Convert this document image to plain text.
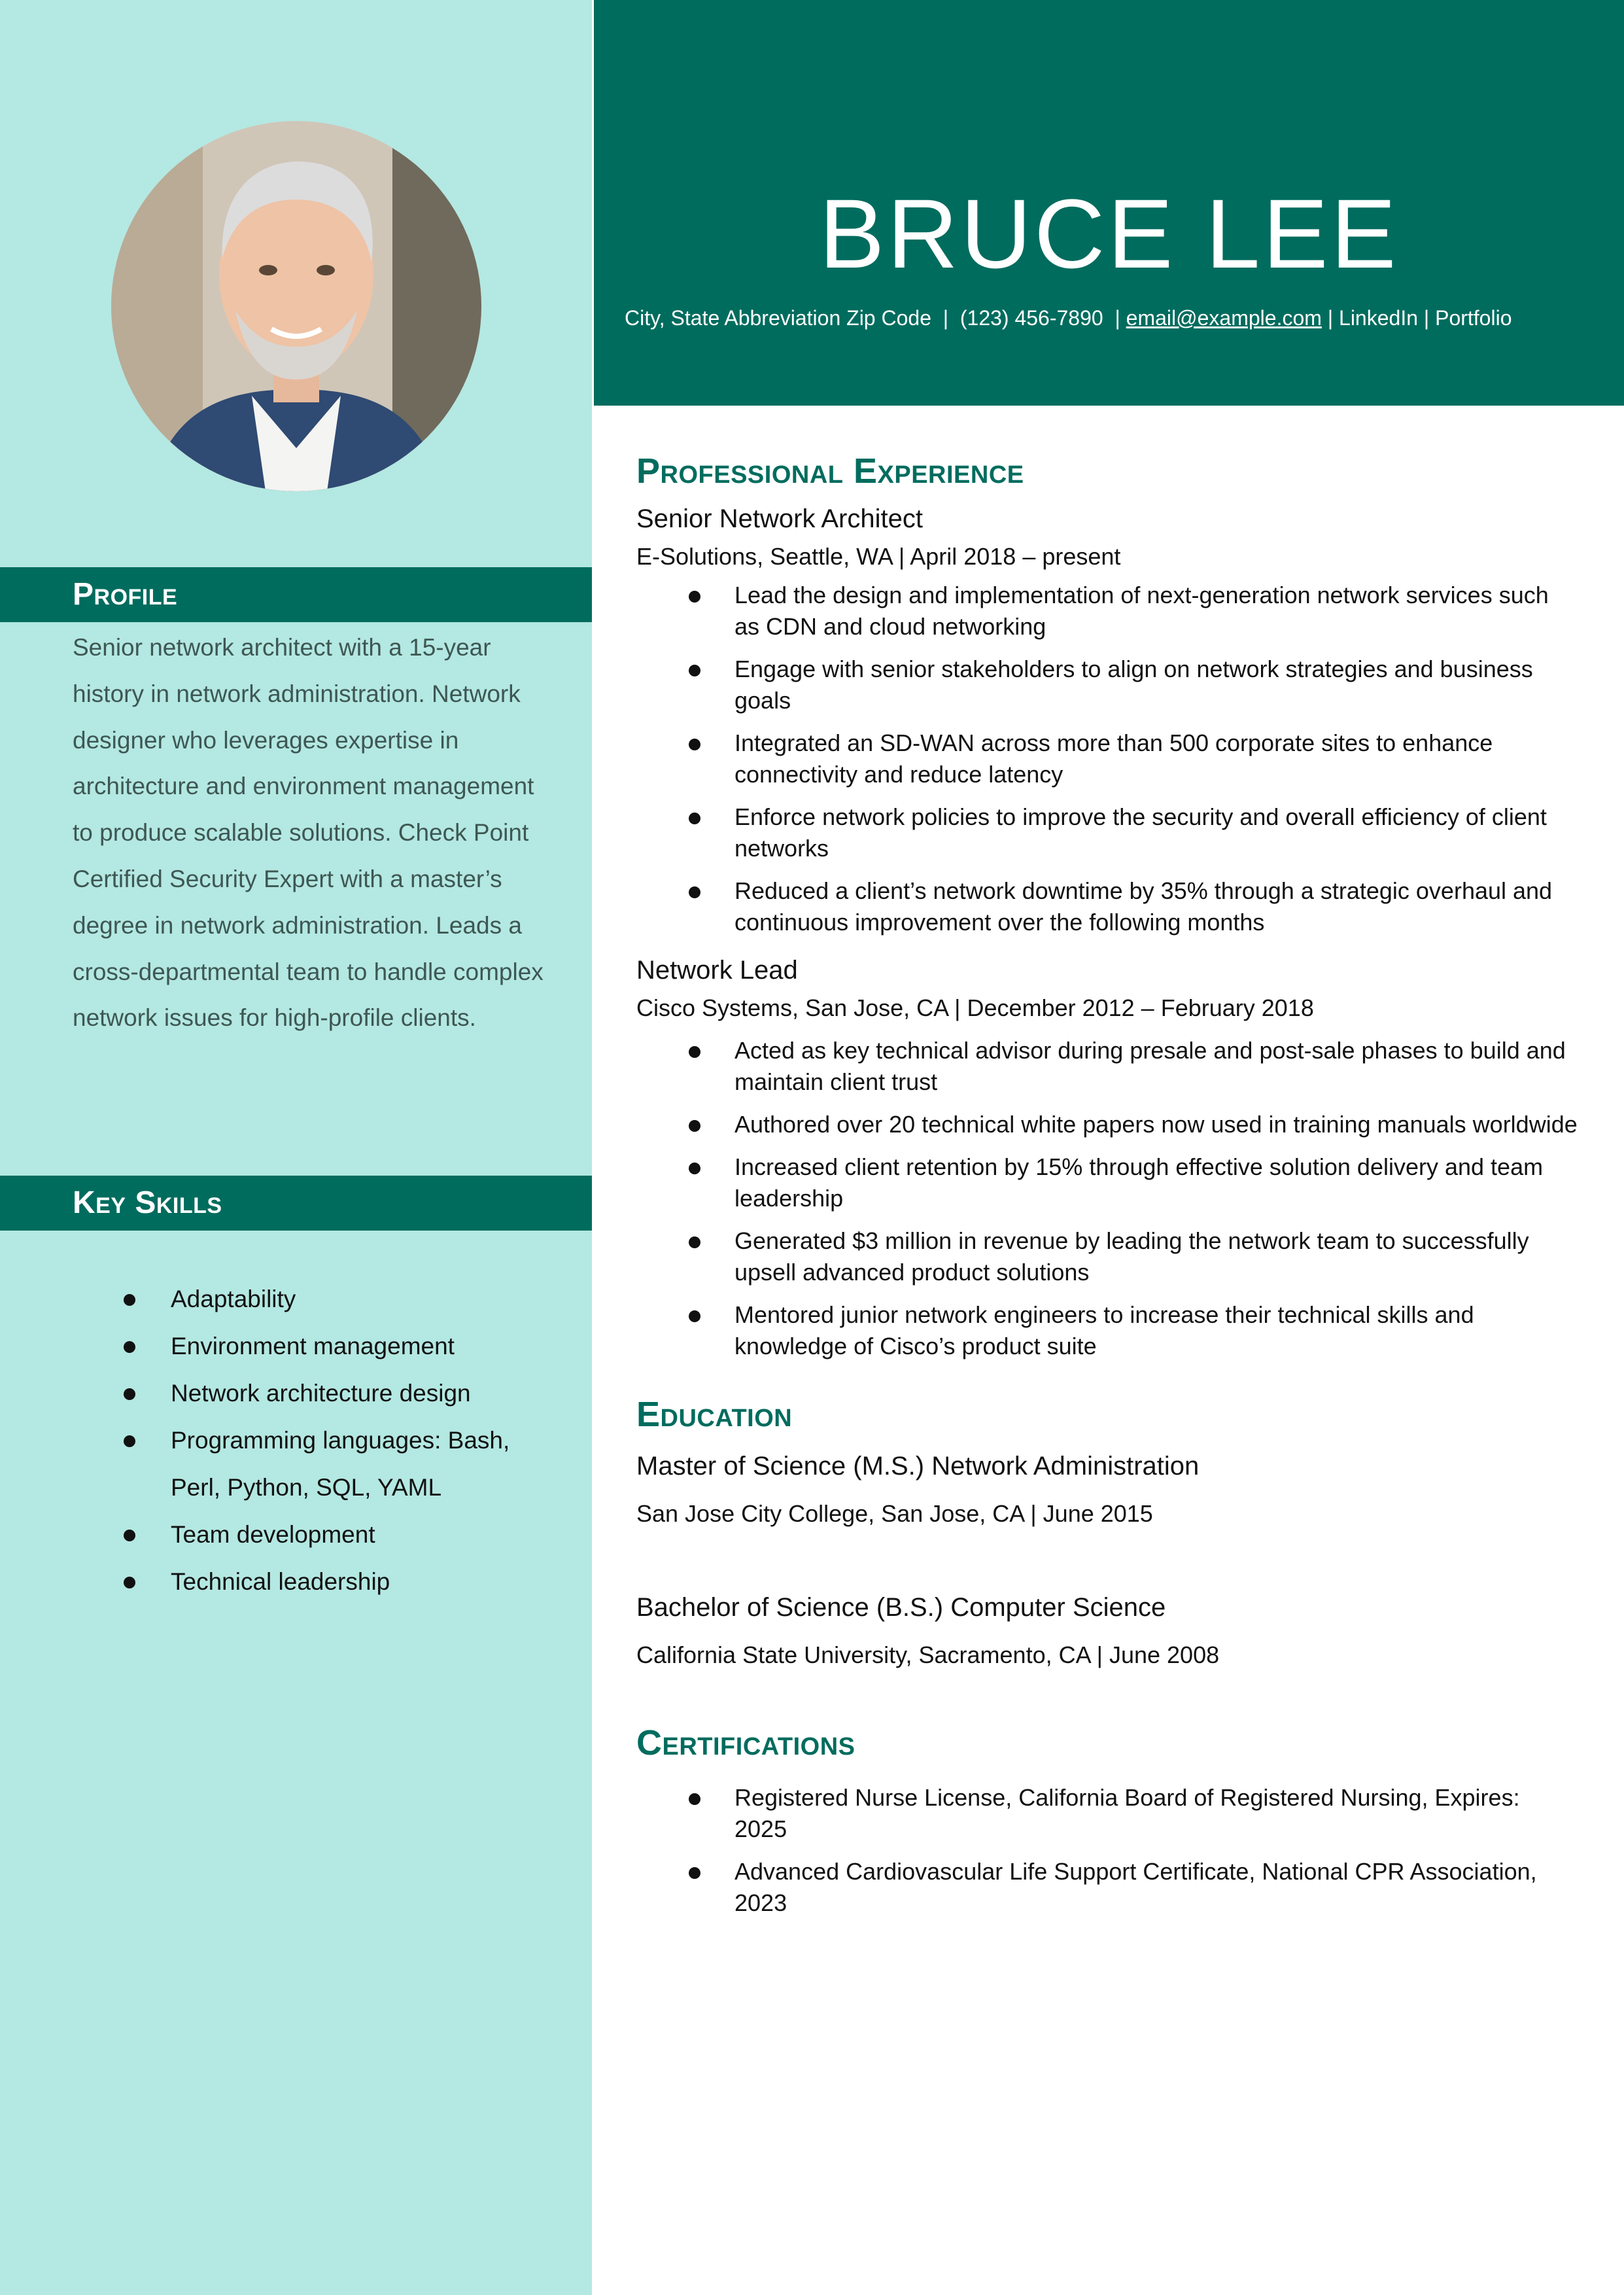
Profile
Senior network architect with a 15-year history in network administration. Network designer who leverages expertise in architecture and environment management to produce scalable solutions. Check Point Certified Security Expert with a master’s degree in network administration. Leads a cross-departmental team to handle complex network issues for high-profile clients.
Key Skills
Adaptability
Environment management
Network architecture design
Programming languages: Bash, Perl, Python, SQL, YAML
Team development
Technical leadership
BRUCE LEE
City, State Abbreviation Zip Code  |  (123) 456-7890  | email@example.com | LinkedIn | Portfolio
Professional Experience

Senior Network Architect

E-Solutions, Seattle, WA | April 2018 – present

Lead the design and implementation of next-generation network services such as CDN and cloud networking
Engage with senior stakeholders to align on network strategies and business goals
Integrated an SD-WAN across more than 500 corporate sites to enhance connectivity and reduce latency
Enforce network policies to improve the security and overall efficiency of client networks
Reduced a client’s network downtime by 35% through a strategic overhaul and continuous improvement over the following months

Network Lead

Cisco Systems, San Jose, CA | December 2012 – February 2018

Acted as key technical advisor during presale and post-sale phases to build and maintain client trust
Authored over 20 technical white papers now used in training manuals worldwide
Increased client retention by 15% through effective solution delivery and team leadership
Generated $3 million in revenue by leading the network team to successfully upsell advanced product solutions
Mentored junior network engineers to increase their technical skills and knowledge of Cisco’s product suite
Education

Master of Science (M.S.) Network Administration

San Jose City College, San Jose, CA | June 2015

Bachelor of Science (B.S.) Computer Science

California State University, Sacramento, CA | June 2008

Certifications
Registered Nurse License, California Board of Registered Nursing, Expires: 2025
Advanced Cardiovascular Life Support Certificate, National CPR Association, 2023
